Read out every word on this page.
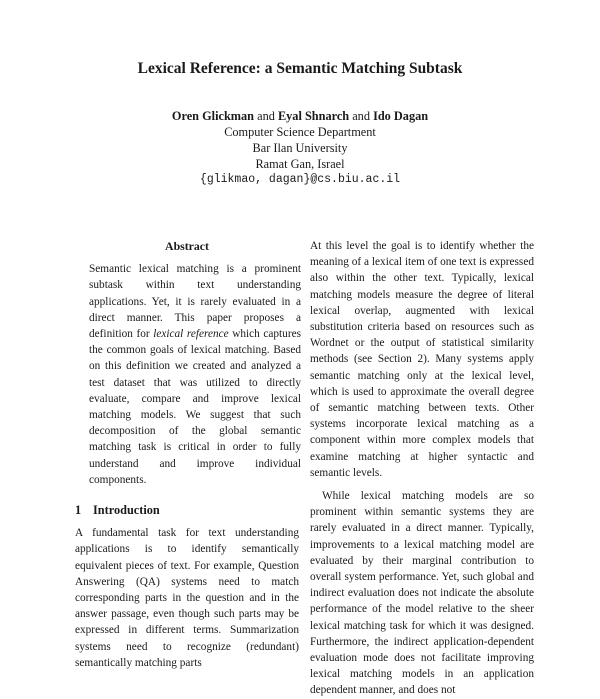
Lexical Reference: a Semantic Matching Subtask
Oren Glickman and Eyal Shnarch and Ido Dagan
Computer Science Department
Bar Ilan University
Ramat Gan, Israel
{glikmao, dagan}@cs.biu.ac.il
Abstract

Semantic lexical matching is a prominent subtask within text understanding applications. Yet, it is rarely evaluated in a direct manner. This paper proposes a definition for lexical reference which captures the common goals of lexical matching. Based on this definition we created and analyzed a test dataset that was utilized to directly evaluate, compare and improve lexical matching models. We suggest that such decomposition of the global semantic matching task is critical in order to fully understand and improve individual components.

1 Introduction

A fundamental task for text understanding applications is to identify semantically equivalent pieces of text. For example, Question Answering (QA) systems need to match corresponding parts in the question and in the answer passage, even though such parts may be expressed in different terms. Summarization systems need to recognize (redundant) semantically matching parts

At this level the goal is to identify whether the meaning of a lexical item of one text is expressed also within the other text. Typically, lexical matching models measure the degree of literal lexical overlap, augmented with lexical substitution criteria based on resources such as Wordnet or the output of statistical similarity methods (see Section 2). Many systems apply semantic matching only at the lexical level, which is used to approximate the overall degree of semantic matching between texts. Other systems incorporate lexical matching as a component within more complex models that examine matching at higher syntactic and semantic levels.

While lexical matching models are so prominent within semantic systems they are rarely evaluated in a direct manner. Typically, improvements to a lexical matching model are evaluated by their marginal contribution to overall system performance. Yet, such global and indirect evaluation does not indicate the absolute performance of the model relative to the sheer lexical matching task for which it was designed. Furthermore, the indirect application-dependent evaluation mode does not facilitate improving lexical matching models in an application dependent manner, and does not
